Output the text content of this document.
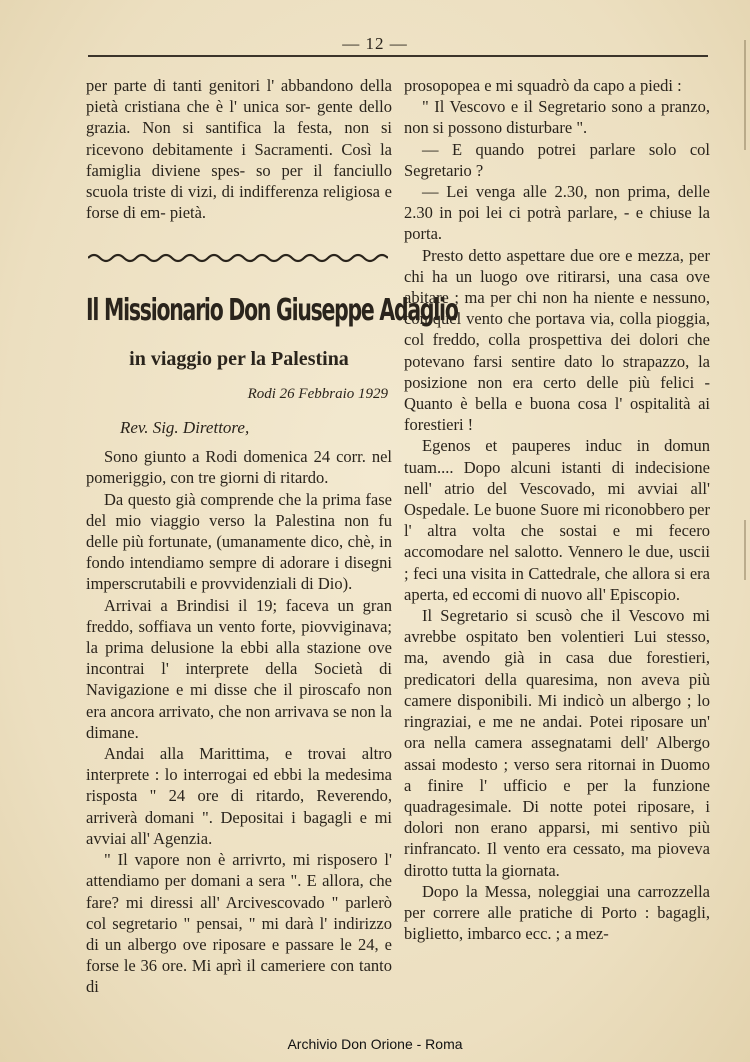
— 12 —

per parte di tanti genitori l' abbandono della pietà cristiana che è l' unica sor- gente dello grazia. Non si santifica la festa, non si ricevono debitamente i Sacramenti. Così la famiglia diviene spes- so per il fanciullo scuola triste di vizi, di indifferenza religiosa e forse di em- pietà.

Il Missionario Don Giuseppe Adaglio
in viaggio per la Palestina
Rodi 26 Febbraio 1929
Rev. Sig. Direttore,

Sono giunto a Rodi domenica 24 corr. nel pomeriggio, con tre giorni di ritardo.

Da questo già comprende che la prima fase del mio viaggio verso la Palestina non fu delle più fortunate, (umanamente dico, chè, in fondo intendiamo sempre di adorare i disegni imperscrutabili e provvidenziali di Dio).

Arrivai a Brindisi il 19; faceva un gran freddo, soffiava un vento forte, piovviginava; la prima delusione la ebbi alla stazione ove incontrai l' interprete della Società di Navigazione e mi disse che il piroscafo non era ancora arrivato, che non arrivava se non la dimane.

Andai alla Marittima, e trovai altro interprete : lo interrogai ed ebbi la medesima risposta " 24 ore di ritardo, Reverendo, arriverà domani ". Depositai i bagagli e mi avviai all' Agenzia.

" Il vapore non è arrivrto, mi risposero l' attendiamo per domani a sera ". E allora, che fare? mi diressi all' Arcivescovado " parlerò col segretario " pensai, " mi darà l' indirizzo di un albergo ove riposare e passare le 24, e forse le 36 ore. Mi aprì il cameriere con tanto di

prosopopea e mi squadrò da capo a piedi :

" Il Vescovo e il Segretario sono a pranzo, non si possono disturbare ".

— E quando potrei parlare solo col Segretario ?

— Lei venga alle 2.30, non prima, delle 2.30 in poi lei ci potrà parlare, - e chiuse la porta.

Presto detto aspettare due ore e mezza, per chi ha un luogo ove ritirarsi, una casa ove abitare ; ma per chi non ha niente e nessuno, con quel vento che portava via, colla pioggia, col freddo, colla prospettiva dei dolori che potevano farsi sentire dato lo strapazzo, la posizione non era certo delle più felici - Quanto è bella e buona cosa l' ospitalità ai forestieri !

Egenos et pauperes induc in domun tuam.... Dopo alcuni istanti di indecisione nell' atrio del Vescovado, mi avviai all' Ospedale. Le buone Suore mi riconobbero per l' altra volta che sostai e mi fecero accomodare nel salotto. Vennero le due, uscii ; feci una visita in Cattedrale, che allora si era aperta, ed eccomi di nuovo all' Episcopio.

Il Segretario si scusò che il Vescovo mi avrebbe ospitato ben volentieri Lui stesso, ma, avendo già in casa due forestieri, predicatori della quaresima, non aveva più camere disponibili. Mi indicò un albergo ; lo ringraziai, e me ne andai. Potei riposare un' ora nella camera assegnatami dell' Albergo assai modesto ; verso sera ritornai in Duomo a finire l' ufficio e per la funzione quadragesimale. Di notte potei riposare, i dolori non erano apparsi, mi sentivo più rinfrancato. Il vento era cessato, ma pioveva dirotto tutta la giornata.

Dopo la Messa, noleggiai una carrozzella per correre alle pratiche di Porto : bagagli, biglietto, imbarco ecc. ; a mez-

Archivio Don Orione - Roma
